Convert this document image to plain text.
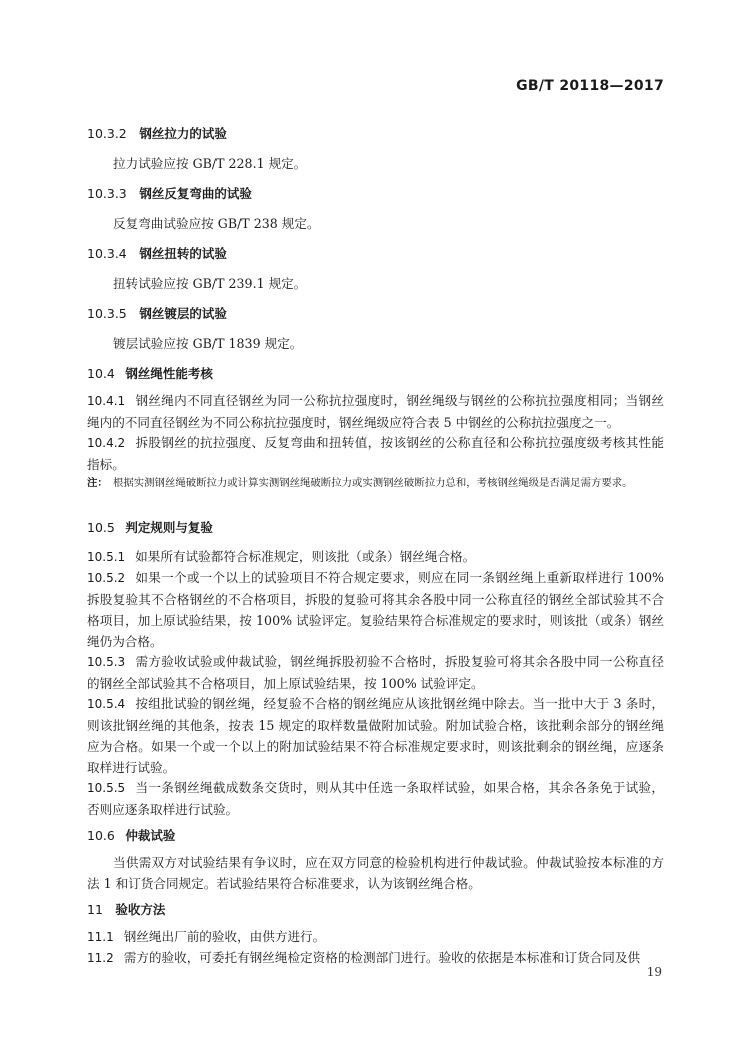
GB/T 20118—2017
10.3.2 钢丝拉力的试验
拉力试验应按 GB/T 228.1 规定。
10.3.3 钢丝反复弯曲的试验
反复弯曲试验应按 GB/T 238 规定。
10.3.4 钢丝扭转的试验
扭转试验应按 GB/T 239.1 规定。
10.3.5 钢丝镀层的试验
镀层试验应按 GB/T 1839 规定。
10.4 钢丝绳性能考核
10.4.1 钢丝绳内不同直径钢丝为同一公称抗拉强度时，钢丝绳级与钢丝的公称抗拉强度相同；当钢丝绳内的不同直径钢丝为不同公称抗拉强度时，钢丝绳级应符合表 5 中钢丝的公称抗拉强度之一。
10.4.2 拆股钢丝的抗拉强度、反复弯曲和扭转值，按该钢丝的公称直径和公称抗拉强度级考核其性能指标。
注： 根据实测钢丝绳破断拉力或计算实测钢丝绳破断拉力或实测钢丝破断拉力总和，考核钢丝绳级是否满足需方要求。
10.5 判定规则与复验
10.5.1 如果所有试验都符合标准规定，则该批（或条）钢丝绳合格。
10.5.2 如果一个或一个以上的试验项目不符合规定要求，则应在同一条钢丝绳上重新取样进行 100% 拆股复验其不合格钢丝的不合格项目，拆股的复验可将其余各股中同一公称直径的钢丝全部试验其不合格项目，加上原试验结果，按 100% 试验评定。复验结果符合标准规定的要求时，则该批（或条）钢丝绳仍为合格。
10.5.3 需方验收试验或仲裁试验，钢丝绳拆股初验不合格时，拆股复验可将其余各股中同一公称直径的钢丝全部试验其不合格项目，加上原试验结果，按 100% 试验评定。
10.5.4 按组批试验的钢丝绳，经复验不合格的钢丝绳应从该批钢丝绳中除去。当一批中大于 3 条时，则该批钢丝绳的其他条，按表 15 规定的取样数量做附加试验。附加试验合格，该批剩余部分的钢丝绳应为合格。如果一个或一个以上的附加试验结果不符合标准规定要求时，则该批剩余的钢丝绳，应逐条取样进行试验。
10.5.5 当一条钢丝绳截成数条交货时，则从其中任选一条取样试验，如果合格，其余各条免于试验，否则应逐条取样进行试验。
10.6 仲裁试验
当供需双方对试验结果有争议时，应在双方同意的检验机构进行仲裁试验。仲裁试验按本标准的方法 1 和订货合同规定。若试验结果符合标准要求，认为该钢丝绳合格。
11 验收方法
11.1 钢丝绳出厂前的验收，由供方进行。
11.2 需方的验收，可委托有钢丝绳检定资格的检测部门进行。验收的依据是本标准和订货合同及供
19
